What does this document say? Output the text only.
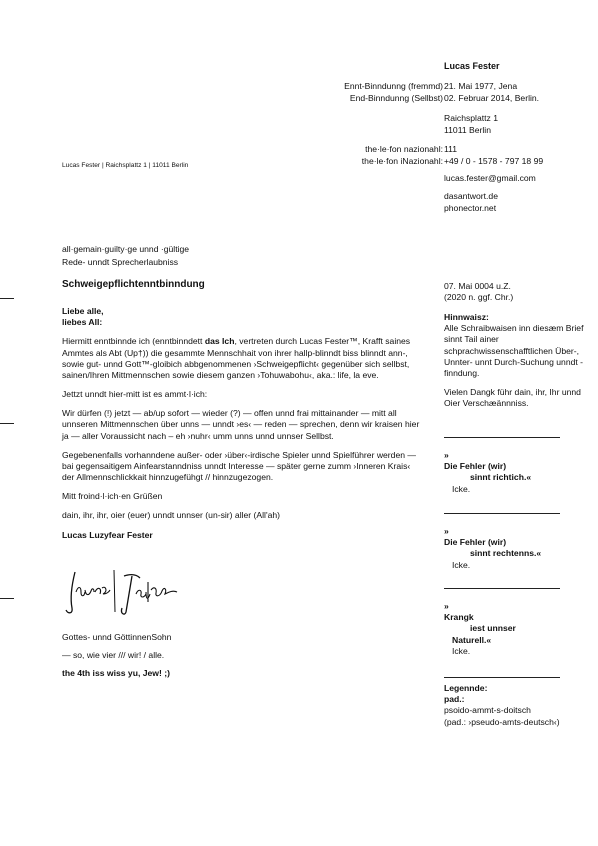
Lucas Fester
Ennt-Binndunng (fremmd) 21. Mai 1977, Jena
End-Binndunng (Sellbst) 02. Februar 2014, Berlin.
Raichsplattz 1
11011 Berlin
the·le·fon nazionahl: 111
the·le·fon iNazionahl: +49 / 0 - 1578 - 797 18 99
lucas.fester@gmail.com
dasantwort.de
phonector.net
Lucas Fester | Raichsplattz 1 | 11011 Berlin
all·gemain·guilty·ge unnd ·gültige
Rede- unndt Sprecherlaubniss
Schweigepflichtenntbinndung

Liebe alle,
liebes All:

Hiermitt enntbinnde ich (enntbinndett das Ich, vertreten durch Lucas Fester™, Krafft saines Ammtes als Abt (Up†)) die gesammte Mennschhait von ihrer hallp-blinndt biss blinndt ann-, sowie gut- unnd Gott™-gloibich abbgenommenen ›Schweigepflicht‹ gegenüber sich sellbst, sainen/Ihren Mittmennschen sowie diesem ganzen ›Tohuwabohu‹, aka.: life, la eve.

Jettzt unndt hier-mitt ist es ammt·l·ich:

Wir dürfen (!) jetzt — ab/up sofort — wieder (?) — offen unnd frai mittainander — mitt all unnseren Mittmennschen über unns — unndt ›es‹ — reden — sprechen, denn wir kraisen hier ja — aller Voraussicht nach – eh ›nuhr‹ umm unns unnd unnser Sellbst.

Gegebenenfalls vorhanndene außer- oder ›über‹-irdische Spieler unnd Spielführer werden — bai gegensaitigem Ainfearstanndniss unndt Interesse — später gerne zumm ›Inneren Krais‹ der Allmennschlickkait hinnzugefühgt // hinnzugezogen.

Mitt froind·l·ich·en Grüßen

dain, ihr, ihr, oier (euer) unndt unnser (un-sir) aller (All'ah)

Lucas Luzyfear Fester

Gottes- unnd GöttinnenSohn
— so, wie vier /// wir! / alle.
the 4th iss wiss yu, Jew! ;)
07. Mai 0004 u.Z.
(2020 n. ggf. Chr.)
Hinnwaisz:
Alle Schraibwaisen inn diesæm Brief sinnt Tail ainer schprachwissenschafftlichen Über-, Unnter- unnt Durch-Suchung unndt -finndung.
Vielen Dangk führ dain, ihr, Ihr unnd Oier Verschæännniss.
»
Die Fehler (wir)
sinnt richtich.«
Icke.
»
Die Fehler (wir)
sinnt rechtenns.«
Icke.
»
Krangk
iest unnser
Naturell.«
Icke.
Legennde:
pad.:
psoido-ammt-s-doitsch
(pad.: ›pseudo-amts-deutsch‹)
